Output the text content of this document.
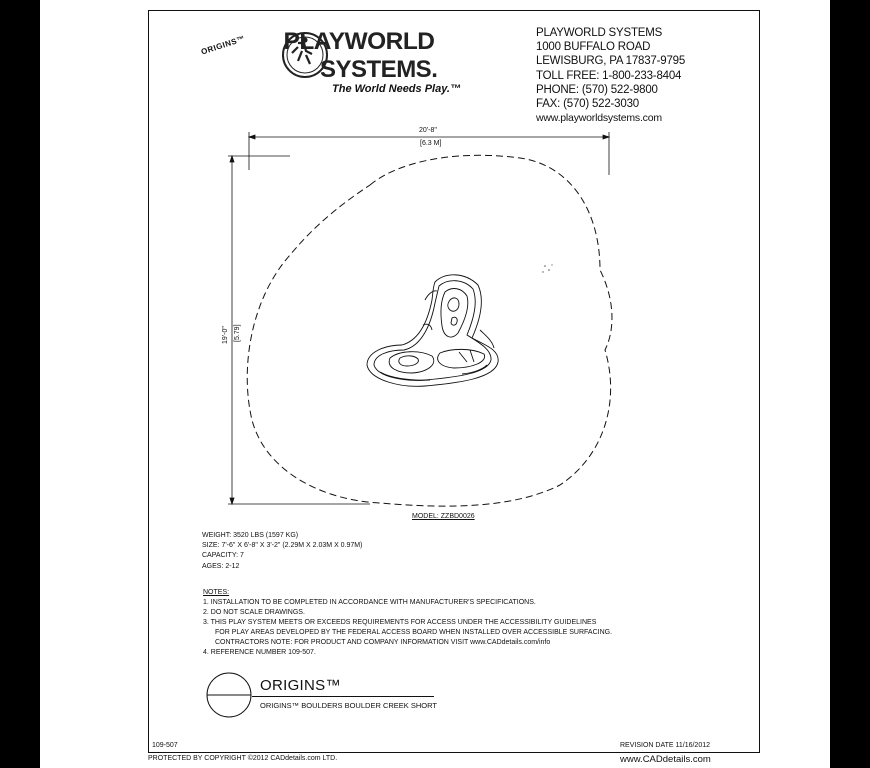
ORIGINS™ PLAYWORLD
SYSTEMS.
The World Needs Play.™
PLAYWORLD SYSTEMS
1000 BUFFALO ROAD
LEWISBURG, PA 17837-9795
TOLL FREE: 1-800-233-8404
PHONE: (570) 522-9800
FAX: (570) 522-3030
www.playworldsystems.com
20'-8"
[6.3 M]
19'-0" [5.79]
MODEL: ZZBD0026
WEIGHT: 3520 LBS (1597 KG)
SIZE: 7'-6" X 6'-8" X 3'-2" (2.29M X 2.03M X 0.97M)
CAPACITY: 7
AGES: 2-12
NOTES:
1. INSTALLATION TO BE COMPLETED IN ACCORDANCE WITH MANUFACTURER'S SPECIFICATIONS.
2. DO NOT SCALE DRAWINGS.
3. THIS PLAY SYSTEM MEETS OR EXCEEDS REQUIREMENTS FOR ACCESS UNDER THE ACCESSIBILITY GUIDELINES
FOR PLAY AREAS DEVELOPED BY THE FEDERAL ACCESS BOARD WHEN INSTALLED OVER ACCESSIBLE SURFACING.
CONTRACTORS NOTE: FOR PRODUCT AND COMPANY INFORMATION VISIT www.CADdetails.com/info
4. REFERENCE NUMBER 109-507.
ORIGINS™
ORIGINS™ BOULDERS BOULDER CREEK SHORT
109-507	REVISION DATE 11/16/2012
PROTECTED BY COPYRIGHT ©2012 CADdetails.com LTD.	www.CADdetails.com
